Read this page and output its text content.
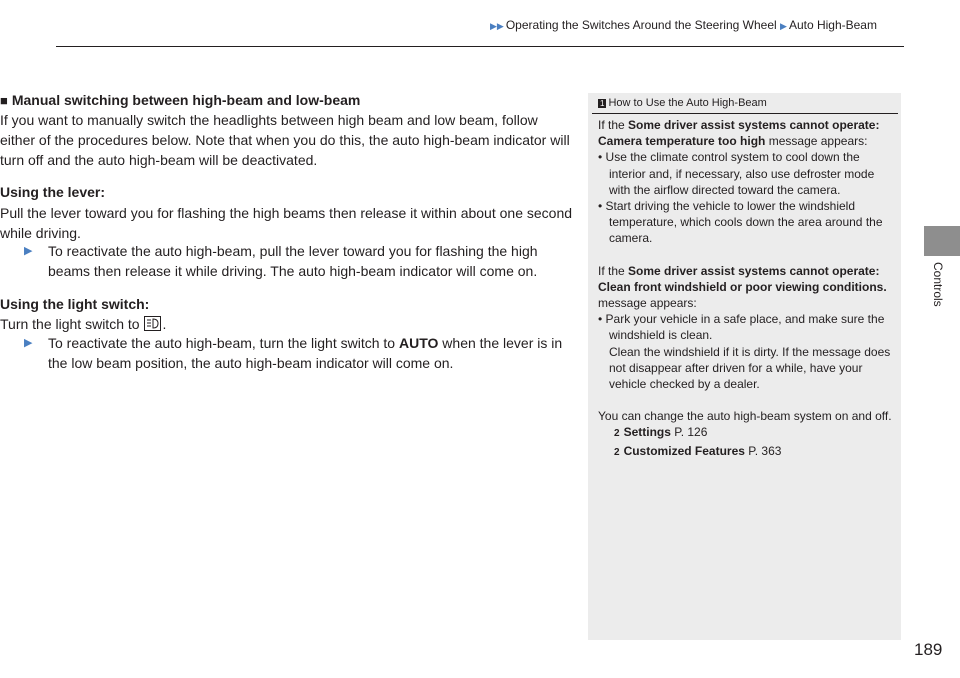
▶▶ Operating the Switches Around the Steering Wheel ▶ Auto High-Beam
Controls
■ Manual switching between high-beam and low-beam
If you want to manually switch the headlights between high beam and low beam, follow either of the procedures below. Note that when you do this, the auto high-beam indicator will turn off and the auto high-beam will be deactivated.
Using the lever:
Pull the lever toward you for flashing the high beams then release it within about one second while driving.
▶ To reactivate the auto high-beam, pull the lever toward you for flashing the high beams then release it while driving. The auto high-beam indicator will come on.
Using the light switch:
Turn the light switch to .
▶ To reactivate the auto high-beam, turn the light switch to AUTO when the lever is in the low beam position, the auto high-beam indicator will come on.
1 How to Use the Auto High-Beam

If the Some driver assist systems cannot operate: Camera temperature too high message appears:

• Use the climate control system to cool down the interior and, if necessary, also use defroster mode with the airflow directed toward the camera.

• Start driving the vehicle to lower the windshield temperature, which cools down the area around the camera.

If the Some driver assist systems cannot operate: Clean front windshield or poor viewing conditions. message appears:

• Park your vehicle in a safe place, and make sure the windshield is clean.

Clean the windshield if it is dirty. If the message does not disappear after driven for a while, have your vehicle checked by a dealer.

You can change the auto high-beam system on and off.

2 Settings P. 126

2 Customized Features P. 363

189
